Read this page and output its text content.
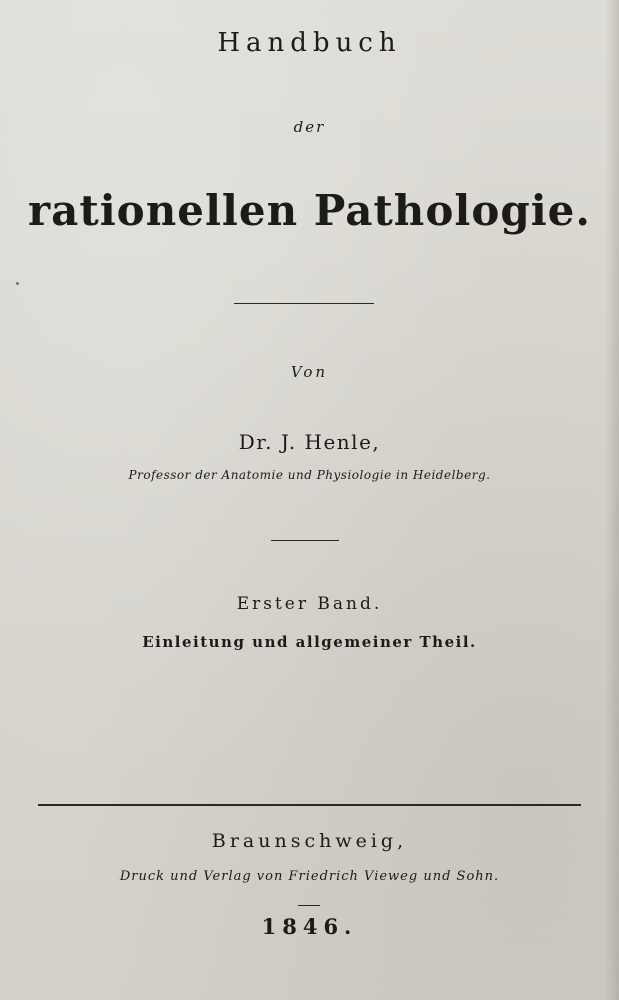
Handbuch
der
rationellen Pathologie.
Von
Dr. J. Henle,
Professor der Anatomie und Physiologie in Heidelberg.
Erster Band.
Einleitung und allgemeiner Theil.
Braunschweig,
Druck und Verlag von Friedrich Vieweg und Sohn.
1846.
